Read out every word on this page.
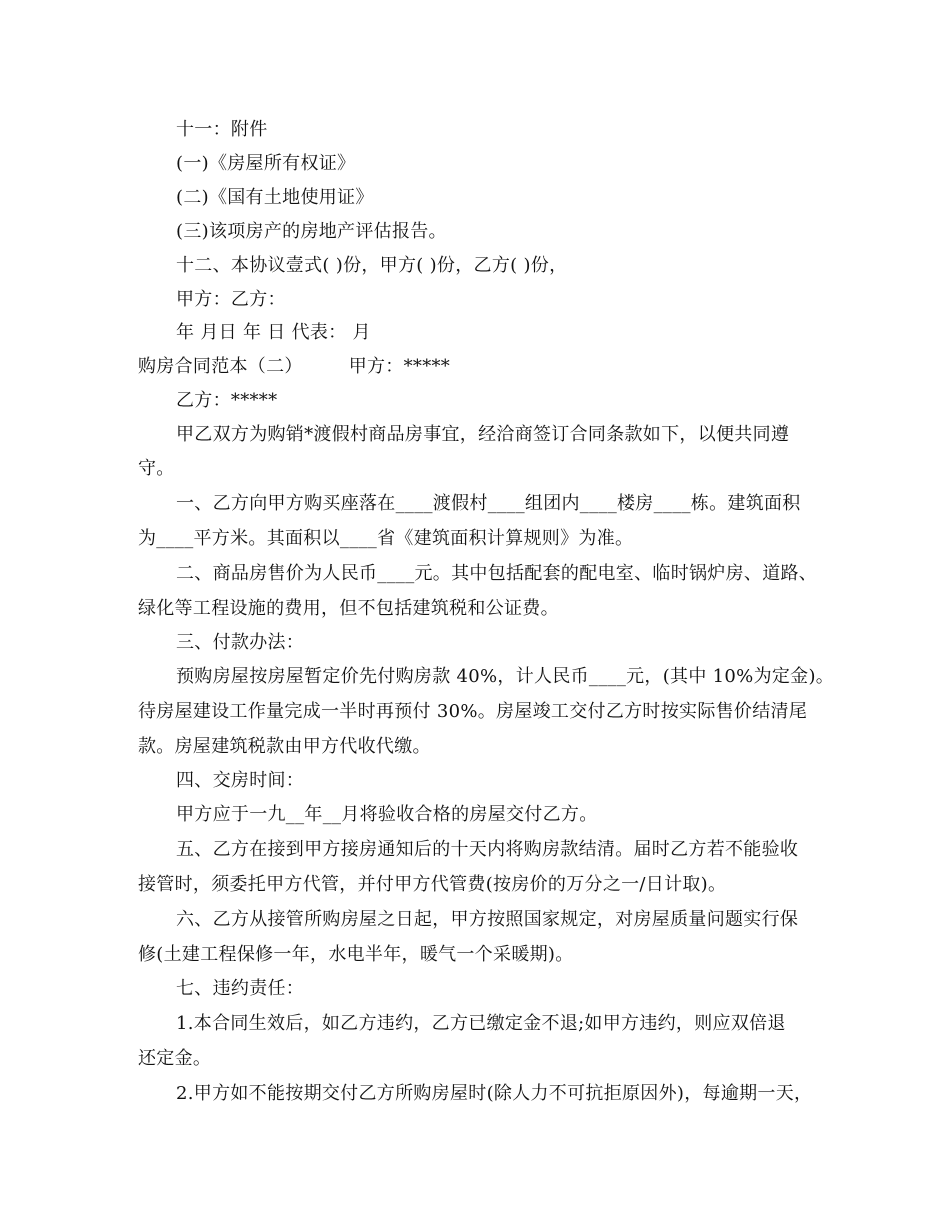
十一：附件
(一)《房屋所有权证》
(二)《国有土地使用证》
(三)该项房产的房地产评估报告。
十二、本协议壹式( )份，甲方( )份，乙方( )份，
甲方：乙方：
年 月日 年 日 代表： 月
购房合同范本（二）	甲方：*****
乙方：*****
甲乙双方为购销*渡假村商品房事宜，经洽商签订合同条款如下，以便共同遵
守。
一、乙方向甲方购买座落在____渡假村____组团内____楼房____栋。建筑面积
为____平方米。其面积以____省《建筑面积计算规则》为准。
二、商品房售价为人民币____元。其中包括配套的配电室、临时锅炉房、道路、
绿化等工程设施的费用，但不包括建筑税和公证费。
三、付款办法：
预购房屋按房屋暂定价先付购房款 40%，计人民币____元，(其中 10%为定金)。
待房屋建设工作量完成一半时再预付 30%。房屋竣工交付乙方时按实际售价结清尾
款。房屋建筑税款由甲方代收代缴。
四、交房时间：
甲方应于一九__年__月将验收合格的房屋交付乙方。
五、乙方在接到甲方接房通知后的十天内将购房款结清。届时乙方若不能验收
接管时，须委托甲方代管，并付甲方代管费(按房价的万分之一/日计取)。
六、乙方从接管所购房屋之日起，甲方按照国家规定，对房屋质量问题实行保
修(土建工程保修一年，水电半年，暖气一个采暖期)。
七、违约责任：
1.本合同生效后，如乙方违约，乙方已缴定金不退;如甲方违约，则应双倍退
还定金。
2.甲方如不能按期交付乙方所购房屋时(除人力不可抗拒原因外)，每逾期一天，
